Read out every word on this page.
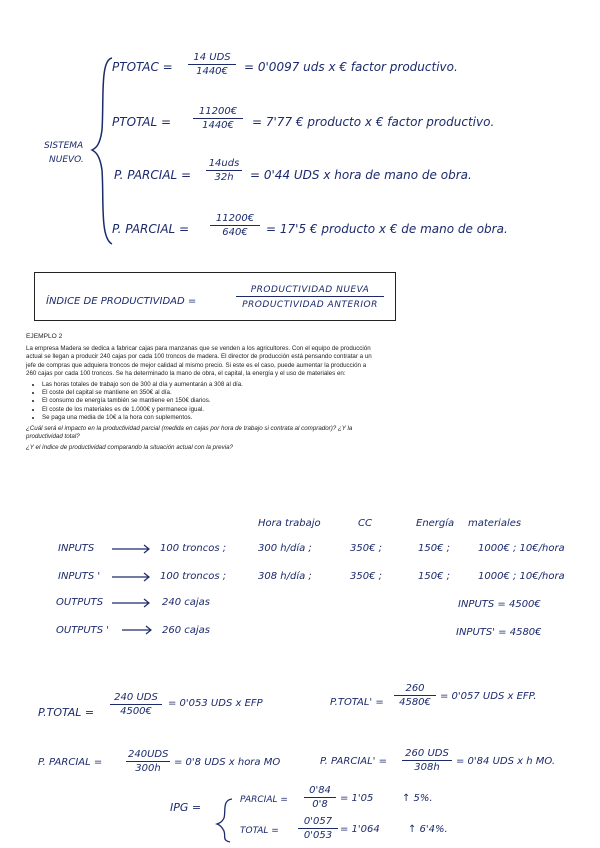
SISTEMA
NUEVO.
PTOTAC =
14 UDS
1440€	= 0'0097 uds x € factor productivo.
PTOTAL = $\frac{11200€}{1440€} = 7'77$ € producto x € factor productivo.
P. PARCIAL =
14uds
32h	= 0'44 UDS x hora de mano de obra.
P. PARCIAL = $\frac{11200€}{640€} = 17'5$ € producto x € de mano de obra.
ÍNDICE DE PRODUCTIVIDAD =
PRODUCTIVIDAD NUEVA
PRODUCTIVIDAD ANTERIOR

EJEMPLO 2

La empresa Madera se dedica a fabricar cajas para manzanas que se venden a los agricultores. Con el equipo de producción actual se llegan a producir 240 cajas por cada 100 troncos de madera. El director de producción está pensando contratar a un jefe de compras que adquiera troncos de mejor calidad al mismo precio. Si este es el caso, puede aumentar la producción a 260 cajas por cada 100 troncos. Se ha determinado la mano de obra, el capital, la energía y el uso de materiales en:

• Las horas totales de trabajo son de 300 al día y aumentarán a 308 al día.
• El coste del capital se mantiene en 350€ al día.
• El consumo de energía también se mantiene en 150€ diarios.
• El coste de los materiales es de 1.000€ y permanece igual.
• Se paga una media de 10€ a la hora con suplementos.

¿Cuál será el impacto en la productividad parcial (medida en cajas por hora de trabajo si contrata al comprador)? ¿Y la productividad total?

¿Y el índice de productividad comparando la situación actual con la previa?

Hora trabajo	CC	Energía materiales
INPUTS	100 troncos ;	300 h/día ;	350€ ;	150€ ;	1000€ ; 10€/hora
INPUTS '	100 troncos ;	308 h/día ;	350€ ;	150€ ;	1000€ ; 10€/hora
OUTPUTS	240 cajas	INPUTS = 4500€
OUTPUTS '	260 cajas	INPUTS' = 4580€
P.TOTAL =
240 UDS
4500€
= 0'053 UDS x EFP	P.TOTAL' = $\frac{260}{4580€} = 0'057$ UDS x EFP.
P. PARCIAL =
240UDS
300h
= 0'8 UDS x hora MO	P. PARCIAL' =
260 UDS
308h
= 0'84 UDS x h MO.
IPG =
PARCIAL = $\frac{0'84}{0'8} = 1'05$	↑ 5%.
TOTAL = $\frac{0'057}{0'053} = 1'064$	↑ 6'4%.
